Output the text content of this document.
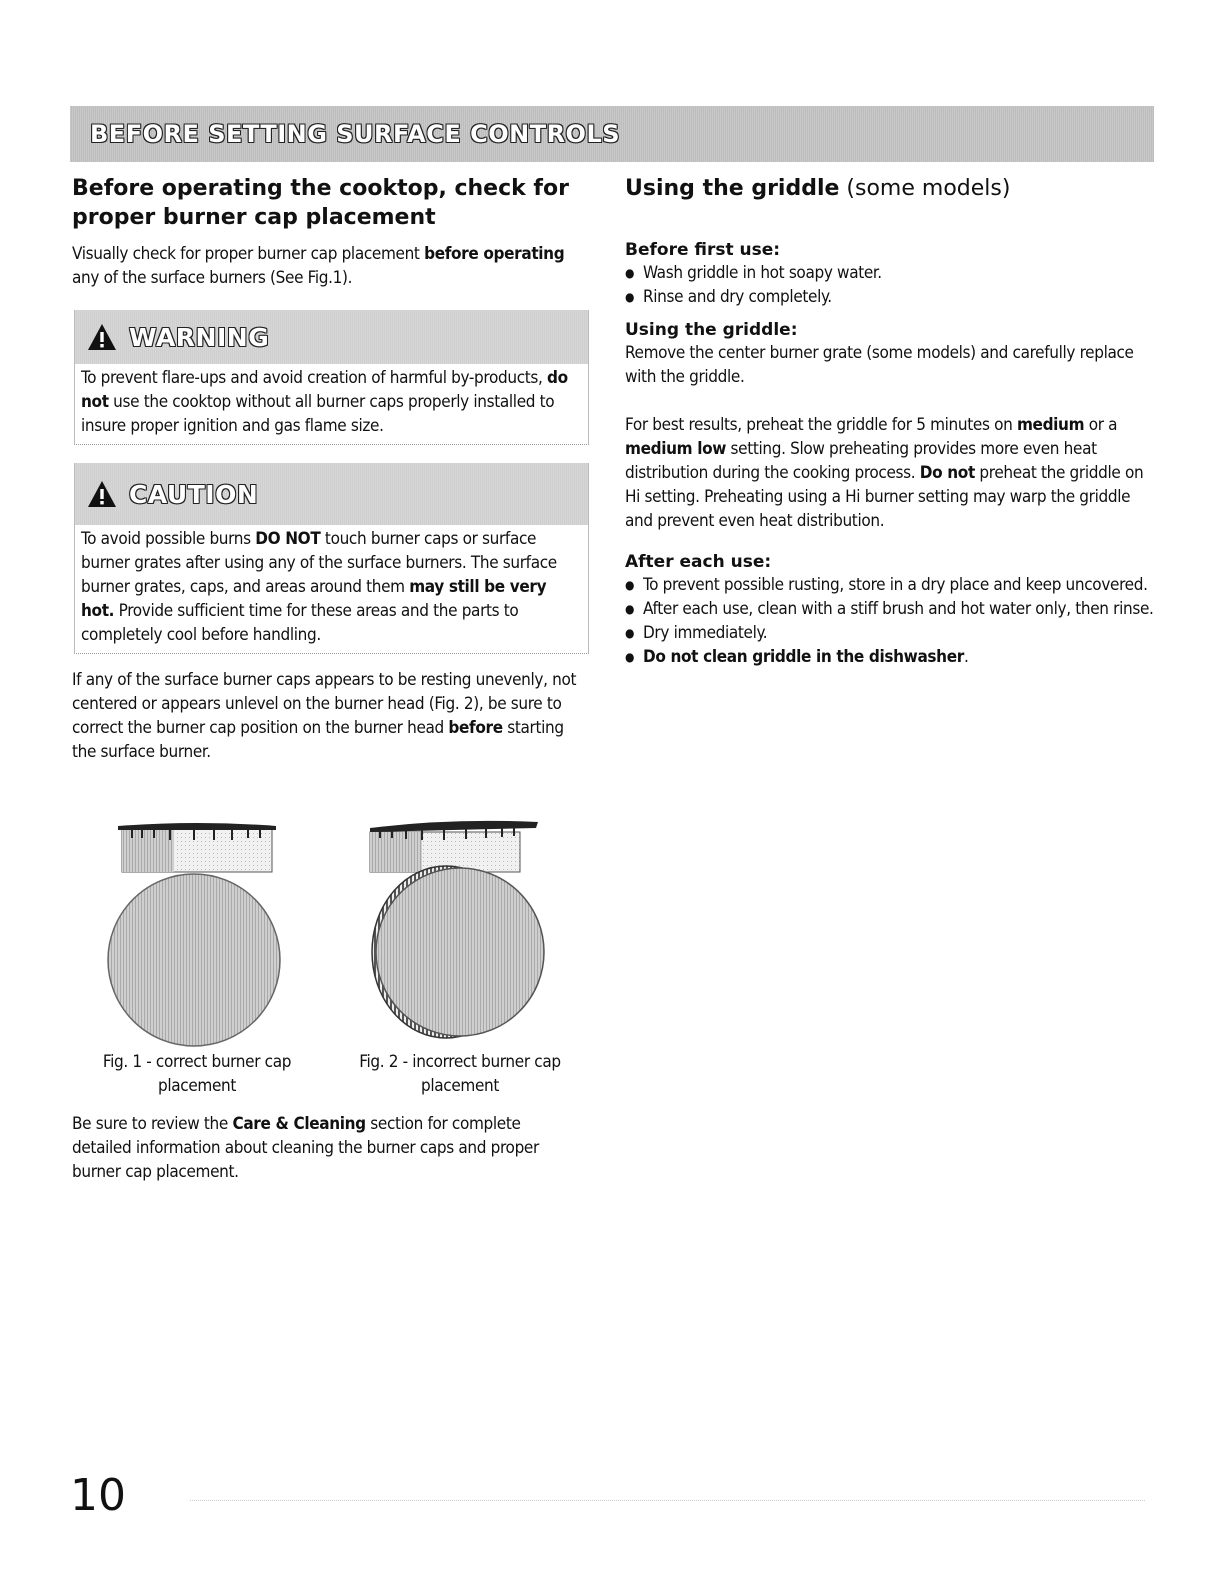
BEFORE SETTING SURFACE CONTROLS
Before operating the cooktop, check for proper burner cap placement

Visually check for proper burner cap placement before operating any of the surface burners (See Fig.1).

WARNING

To prevent flare-ups and avoid creation of harmful by-products, do not use the cooktop without all burner caps properly installed to insure proper ignition and gas flame size.

CAUTION

To avoid possible burns DO NOT touch burner caps or surface burner grates after using any of the surface burners. The surface burner grates, caps, and areas around them may still be very hot. Provide sufficient time for these areas and the parts to completely cool before handling.

If any of the surface burner caps appears to be resting unevenly, not centered or appears unlevel on the burner head (Fig. 2), be sure to correct the burner cap position on the burner head before starting the surface burner.

Fig. 1 - correct burner cap placement
Fig. 2 - incorrect burner cap placement

Be sure to review the Care & Cleaning section for complete detailed information about cleaning the burner caps and proper burner cap placement.

Using the griddle (some models)
Before first use:
● Wash griddle in hot soapy water.
● Rinse and dry completely.
Using the griddle:

Remove the center burner grate (some models) and carefully replace with the griddle.

For best results, preheat the griddle for 5 minutes on medium or a medium low setting. Slow preheating provides more even heat distribution during the cooking process. Do not preheat the griddle on Hi setting. Preheating using a Hi burner setting may warp the griddle and prevent even heat distribution.

After each use:
● To prevent possible rusting, store in a dry place and keep uncovered.
● After each use, clean with a stiff brush and hot water only, then rinse.
● Dry immediately.
● Do not clean griddle in the dishwasher.
10
